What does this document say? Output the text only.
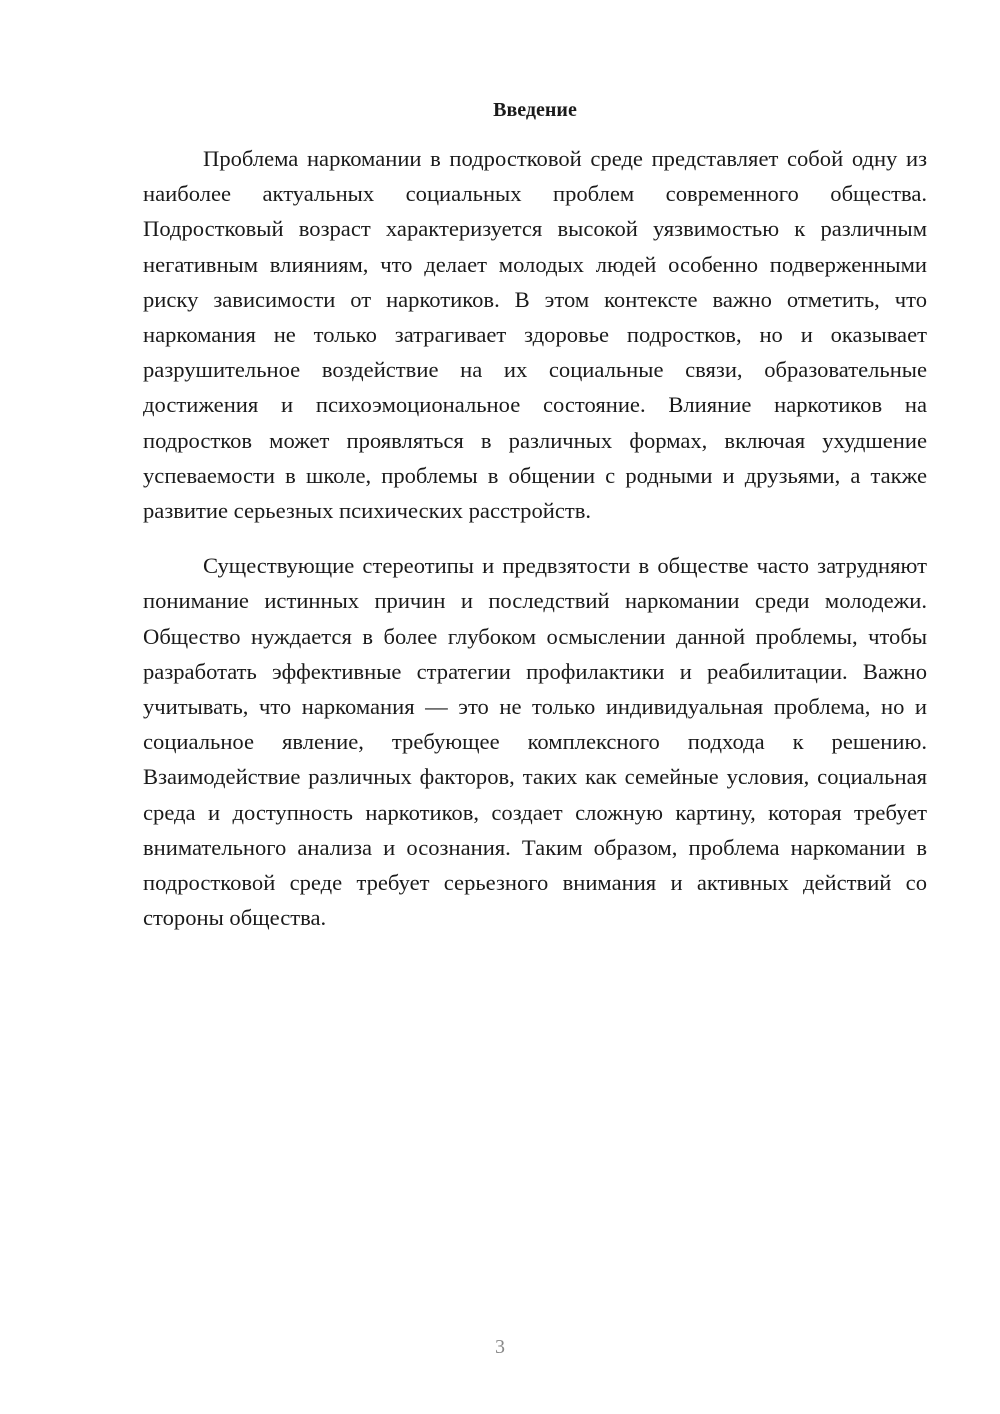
Введение

Проблема наркомании в подростковой среде представляет собой одну из наиболее актуальных социальных проблем современного общества. Подростковый возраст характеризуется высокой уязвимостью к различным негативным влияниям, что делает молодых людей особенно подверженными риску зависимости от наркотиков. В этом контексте важно отметить, что наркомания не только затрагивает здоровье подростков, но и оказывает разрушительное воздействие на их социальные связи, образовательные достижения и психоэмоциональное состояние. Влияние наркотиков на подростков может проявляться в различных формах, включая ухудшение успеваемости в школе, проблемы в общении с родными и друзьями, а также развитие серьезных психических расстройств.

Существующие стереотипы и предвзятости в обществе часто затрудняют понимание истинных причин и последствий наркомании среди молодежи. Общество нуждается в более глубоком осмыслении данной проблемы, чтобы разработать эффективные стратегии профилактики и реабилитации. Важно учитывать, что наркомания — это не только индивидуальная проблема, но и социальное явление, требующее комплексного подхода к решению. Взаимодействие различных факторов, таких как семейные условия, социальная среда и доступность наркотиков, создает сложную картину, которая требует внимательного анализа и осознания. Таким образом, проблема наркомании в подростковой среде требует серьезного внимания и активных действий со стороны общества.

3
